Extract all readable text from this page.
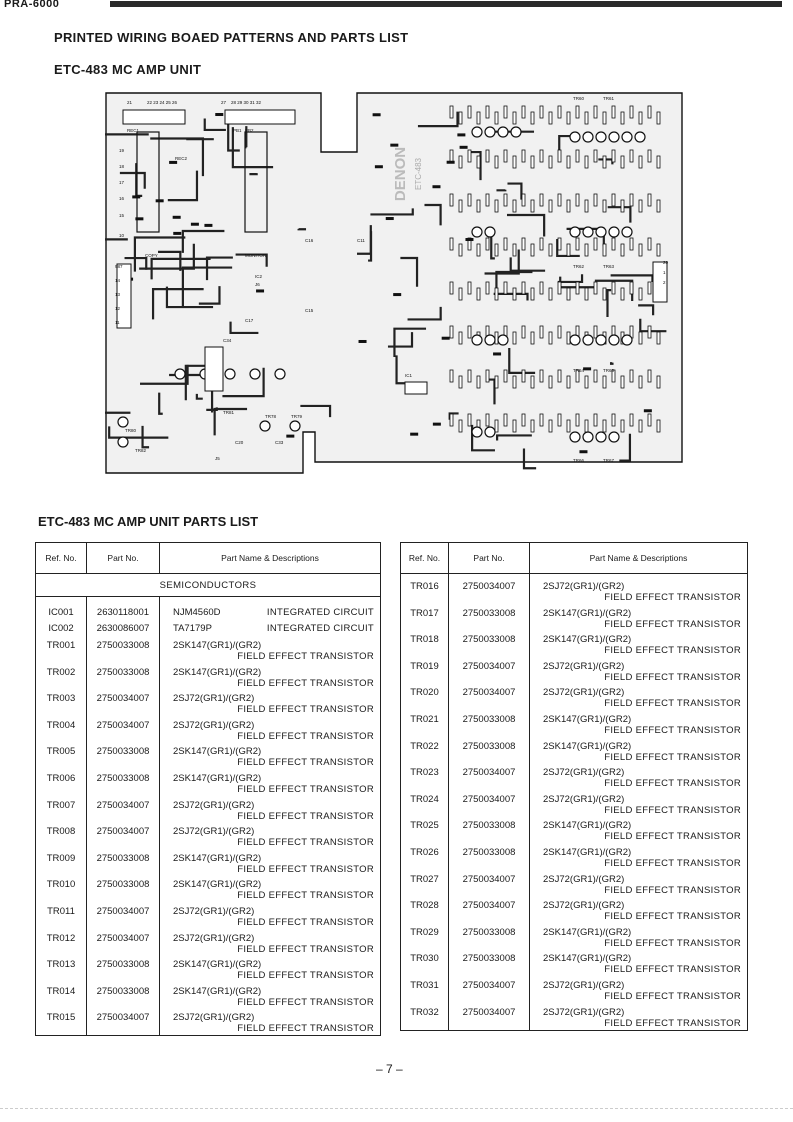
PRA-6000
PRINTED WIRING BOAED PATTERNS AND PARTS LIST
ETC-483 MC AMP UNIT
DENON ETC-483
21	22 23 24 25 26	27 28 29 30 31 32
REC1
REC2
PB1 PB2
COPY	MONITOR
TR80
TR81
TR82
TR78	TR79
TR60	TR61
TR62	TR63
TR64	TR65
TR66	TR67
C16	C11
C15
C17
C20	C33
C34
IC1
IC2
J6
J5
987
14
13
12
11
10
15
16
17
18
19
20
1
2
ETC-483 MC AMP UNIT PARTS LIST
Ref. No.	Part No.	Part Name & Descriptions
SEMICONDUCTORS		

IC001	2630118001	NJM4560D INTEGRATED CIRCUIT

IC002	2630086007	TA7179P INTEGRATED CIRCUIT

TR001	2750033008	2SK147(GR1)/(GR2)
FIELD EFFECT TRANSISTOR

TR002	2750033008	2SK147(GR1)/(GR2)
FIELD EFFECT TRANSISTOR

TR003	2750034007	2SJ72(GR1)/(GR2)
FIELD EFFECT TRANSISTOR

TR004	2750034007	2SJ72(GR1)/(GR2)
FIELD EFFECT TRANSISTOR

TR005	2750033008	2SK147(GR1)/(GR2)
FIELD EFFECT TRANSISTOR

TR006	2750033008	2SK147(GR1)/(GR2)
FIELD EFFECT TRANSISTOR

TR007	2750034007	2SJ72(GR1)/(GR2)
FIELD EFFECT TRANSISTOR

TR008	2750034007	2SJ72(GR1)/(GR2)
FIELD EFFECT TRANSISTOR

TR009	2750033008	2SK147(GR1)/(GR2)
FIELD EFFECT TRANSISTOR

TR010	2750033008	2SK147(GR1)/(GR2)
FIELD EFFECT TRANSISTOR

TR011	2750034007	2SJ72(GR1)/(GR2)
FIELD EFFECT TRANSISTOR

TR012	2750034007	2SJ72(GR1)/(GR2)
FIELD EFFECT TRANSISTOR

TR013	2750033008	2SK147(GR1)/(GR2)
FIELD EFFECT TRANSISTOR

TR014	2750033008	2SK147(GR1)/(GR2)
FIELD EFFECT TRANSISTOR

TR015	2750034007	2SJ72(GR1)/(GR2)
FIELD EFFECT TRANSISTOR
Ref. No.	Part No.	Part Name & Descriptions

TR016	2750034007	2SJ72(GR1)/(GR2)
FIELD EFFECT TRANSISTOR

TR017	2750033008	2SK147(GR1)/(GR2)
FIELD EFFECT TRANSISTOR

TR018	2750033008	2SK147(GR1)/(GR2)
FIELD EFFECT TRANSISTOR

TR019	2750034007	2SJ72(GR1)/(GR2)
FIELD EFFECT TRANSISTOR

TR020	2750034007	2SJ72(GR1)/(GR2)
FIELD EFFECT TRANSISTOR

TR021	2750033008	2SK147(GR1)/(GR2)
FIELD EFFECT TRANSISTOR

TR022	2750033008	2SK147(GR1)/(GR2)
FIELD EFFECT TRANSISTOR

TR023	2750034007	2SJ72(GR1)/(GR2)
FIELD EFFECT TRANSISTOR

TR024	2750034007	2SJ72(GR1)/(GR2)
FIELD EFFECT TRANSISTOR

TR025	2750033008	2SK147(GR1)/(GR2)
FIELD EFFECT TRANSISTOR

TR026	2750033008	2SK147(GR1)/(GR2)
FIELD EFFECT TRANSISTOR

TR027	2750034007	2SJ72(GR1)/(GR2)
FIELD EFFECT TRANSISTOR

TR028	2750034007	2SJ72(GR1)/(GR2)
FIELD EFFECT TRANSISTOR

TR029	2750033008	2SK147(GR1)/(GR2)
FIELD EFFECT TRANSISTOR

TR030	2750033008	2SK147(GR1)/(GR2)
FIELD EFFECT TRANSISTOR

TR031	2750034007	2SJ72(GR1)/(GR2)
FIELD EFFECT TRANSISTOR

TR032	2750034007	2SJ72(GR1)/(GR2)
FIELD EFFECT TRANSISTOR
– 7 –
